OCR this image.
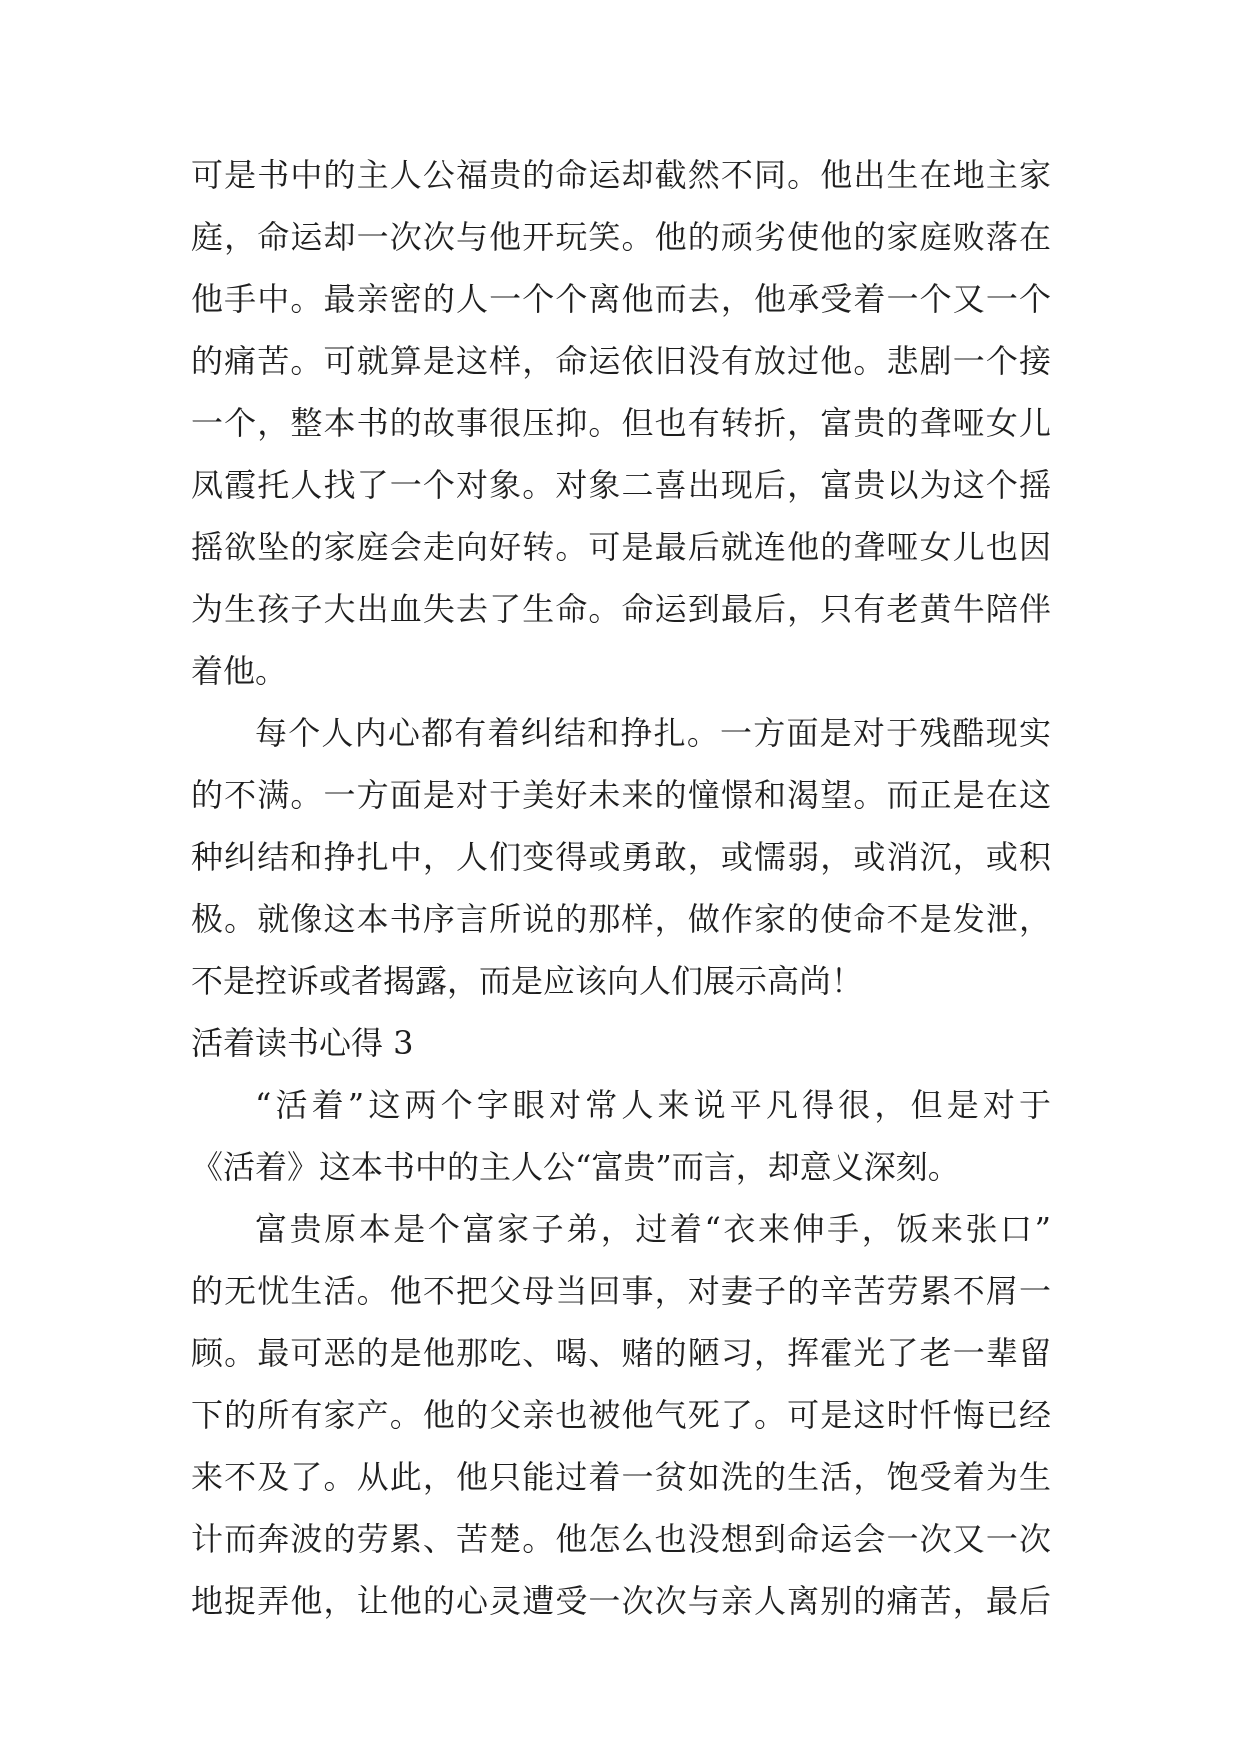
可是书中的主人公福贵的命运却截然不同。他出生在地主家
庭，命运却一次次与他开玩笑。他的顽劣使他的家庭败落在
他手中。最亲密的人一个个离他而去，他承受着一个又一个
的痛苦。可就算是这样，命运依旧没有放过他。悲剧一个接
一个，整本书的故事很压抑。但也有转折，富贵的聋哑女儿
凤霞托人找了一个对象。对象二喜出现后，富贵以为这个摇
摇欲坠的家庭会走向好转。可是最后就连他的聋哑女儿也因
为生孩子大出血失去了生命。命运到最后，只有老黄牛陪伴
着他。
每个人内心都有着纠结和挣扎。一方面是对于残酷现实
的不满。一方面是对于美好未来的憧憬和渴望。而正是在这
种纠结和挣扎中，人们变得或勇敢，或懦弱，或消沉，或积
极。就像这本书序言所说的那样，做作家的使命不是发泄，
不是控诉或者揭露，而是应该向人们展示高尚！
活着读书心得 3
“活着”这两个字眼对常人来说平凡得很，但是对于
《活着》这本书中的主人公“富贵”而言，却意义深刻。
富贵原本是个富家子弟，过着“衣来伸手，饭来张口”
的无忧生活。他不把父母当回事，对妻子的辛苦劳累不屑一
顾。最可恶的是他那吃、喝、赌的陋习，挥霍光了老一辈留
下的所有家产。他的父亲也被他气死了。可是这时忏悔已经
来不及了。从此，他只能过着一贫如洗的生活，饱受着为生
计而奔波的劳累、苦楚。他怎么也没想到命运会一次又一次
地捉弄他，让他的心灵遭受一次次与亲人离别的痛苦，最后
